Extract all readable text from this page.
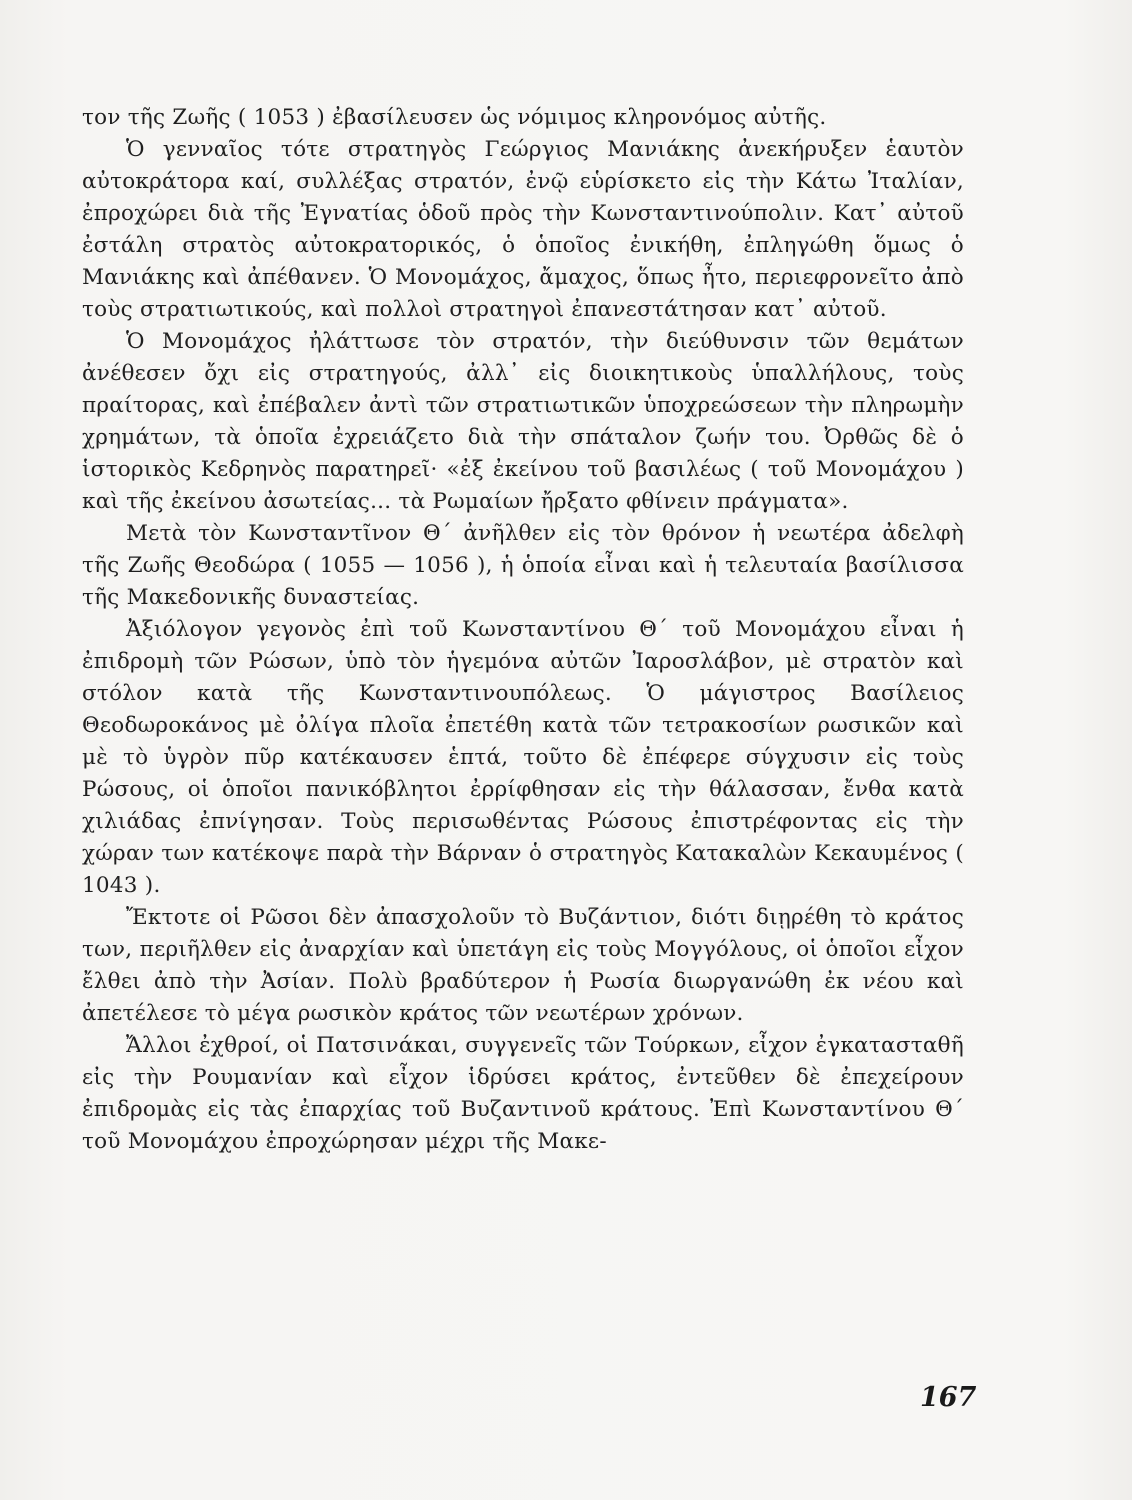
τον τῆς Ζωῆς ( 1053 ) ἐβασίλευσεν ὡς νόμιμος κληρονόμος αὐτῆς.

Ὁ γενναῖος τότε στρατηγὸς Γεώργιος Μανιάκης ἀνεκήρυξεν ἑαυτὸν αὐτοκράτορα καί, συλλέξας στρατόν, ἐνῷ εὑρίσκετο εἰς τὴν Κάτω Ἰταλίαν, ἐπροχώρει διὰ τῆς Ἐγνατίας ὁδοῦ πρὸς τὴν Κωνσταντινούπολιν. Κατ᾽ αὐτοῦ ἐστάλη στρατὸς αὐτοκρατορικός, ὁ ὁποῖος ἐνικήθη, ἐπληγώθη ὅμως ὁ Μανιάκης καὶ ἀπέθανεν. Ὁ Μονομάχος, ἄμαχος, ὅπως ἦτο, περιεφρονεῖτο ἀπὸ τοὺς στρατιωτικούς, καὶ πολλοὶ στρατηγοὶ ἐπανεστάτησαν κατ᾽ αὐτοῦ.

Ὁ Μονομάχος ἠλάττωσε τὸν στρατόν, τὴν διεύθυνσιν τῶν θεμάτων ἀνέθεσεν ὄχι εἰς στρατηγούς, ἀλλ᾽ εἰς διοικητικοὺς ὑπαλλήλους, τοὺς πραίτορας, καὶ ἐπέβαλεν ἀντὶ τῶν στρατιωτικῶν ὑποχρεώσεων τὴν πληρωμὴν χρημάτων, τὰ ὁποῖα ἐχρειάζετο διὰ τὴν σπάταλον ζωήν του. Ὀρθῶς δὲ ὁ ἱστορικὸς Κεδρηνὸς παρατηρεῖ· «ἐξ ἐκείνου τοῦ βασιλέως ( τοῦ Μονομάχου ) καὶ τῆς ἐκείνου ἀσωτείας... τὰ Ρωμαίων ἤρξατο φθίνειν πράγματα».

Μετὰ τὸν Κωνσταντῖνον Θ΄ ἀνῆλθεν εἰς τὸν θρόνον ἡ νεωτέρα ἀδελφὴ τῆς Ζωῆς Θεοδώρα ( 1055 — 1056 ), ἡ ὁποία εἶναι καὶ ἡ τελευταία βασίλισσα τῆς Μακεδονικῆς δυναστείας.

Ἀξιόλογον γεγονὸς ἐπὶ τοῦ Κωνσταντίνου Θ΄ τοῦ Μονομάχου εἶναι ἡ ἐπιδρομὴ τῶν Ρώσων, ὑπὸ τὸν ἡγεμόνα αὐτῶν Ἰαροσλάβον, μὲ στρατὸν καὶ στόλον κατὰ τῆς Κωνσταντινουπόλεως. Ὁ μάγιστρος Βασίλειος Θεοδωροκάνος μὲ ὀλίγα πλοῖα ἐπετέθη κατὰ τῶν τετρακοσίων ρωσικῶν καὶ μὲ τὸ ὑγρὸν πῦρ κατέκαυσεν ἑπτά, τοῦτο δὲ ἐπέφερε σύγχυσιν εἰς τοὺς Ρώσους, οἱ ὁποῖοι πανικόβλητοι ἐρρίφθησαν εἰς τὴν θάλασσαν, ἔνθα κατὰ χιλιάδας ἐπνίγησαν. Τοὺς περισωθέντας Ρώσους ἐπιστρέφοντας εἰς τὴν χώραν των κατέκοψε παρὰ τὴν Βάρναν ὁ στρατηγὸς Κατακαλὼν Κεκαυμένος ( 1043 ).

Ἔκτοτε οἱ Ρῶσοι δὲν ἀπασχολοῦν τὸ Βυζάντιον, διότι διῃρέθη τὸ κράτος των, περιῆλθεν εἰς ἀναρχίαν καὶ ὑπετάγη εἰς τοὺς Μογγόλους, οἱ ὁποῖοι εἶχον ἔλθει ἀπὸ τὴν Ἀσίαν. Πολὺ βραδύτερον ἡ Ρωσία διωργανώθη ἐκ νέου καὶ ἀπετέλεσε τὸ μέγα ρωσικὸν κράτος τῶν νεωτέρων χρόνων.

Ἄλλοι ἐχθροί, οἱ Πατσινάκαι, συγγενεῖς τῶν Τούρκων, εἶχον ἐγκατασταθῆ εἰς τὴν Ρουμανίαν καὶ εἶχον ἱδρύσει κράτος, ἐντεῦθεν δὲ ἐπεχείρουν ἐπιδρομὰς εἰς τὰς ἐπαρχίας τοῦ Βυζαντινοῦ κράτους. Ἐπὶ Κωνσταντίνου Θ΄ τοῦ Μονομάχου ἐπροχώρησαν μέχρι τῆς Μακε-

167
